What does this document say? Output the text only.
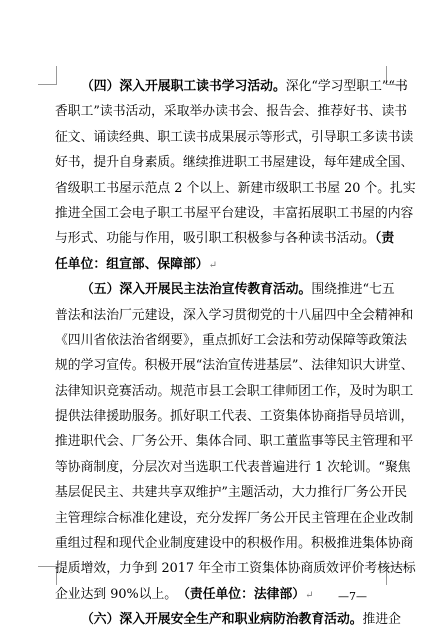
（四）深入开展职工读书学习活动。深化“学习型职工”“书
香职工”读书活动，采取举办读书会、报告会、推荐好书、读书
征文、诵读经典、职工读书成果展示等形式，引导职工多读书读
好书，提升自身素质。继续推进职工书屋建设，每年建成全国、
省级职工书屋示范点 2 个以上、新建市级职工书屋 20 个。扎实
推进全国工会电子职工书屋平台建设，丰富拓展职工书屋的内容
与形式、功能与作用，吸引职工积极参与各种读书活动。（责
任单位：组宣部、保障部）↵
（五）深入开展民主法治宣传教育活动。围绕推进“七五
普法和法治厂元建设，深入学习贯彻党的十八届四中全会精神和
《四川省依法治省纲要》，重点抓好工会法和劳动保障等政策法
规的学习宣传。积极开展“法治宣传进基层”、法律知识大讲堂、
法律知识竞赛活动。规范市县工会职工律师团工作，及时为职工
提供法律援助服务。抓好职工代表、工资集体协商指导员培训，
推进职代会、厂务公开、集体合同、职工董监事等民主管理和平
等协商制度，分层次对当选职工代表普遍进行 1 次轮训。“聚焦
基层促民主、共建共享双维护”主题活动，大力推行厂务公开民
主管理综合标准化建设，充分发挥厂务公开民主管理在企业改制
重组过程和现代企业制度建设中的积极作用。积极推进集体协商
提质增效，力争到 2017 年全市工资集体协商质效评价考核达标
企业达到 90%以上。　（责任单位：法律部）↵
（六）深入开展安全生产和职业病防治教育活动。推进企
—7—
